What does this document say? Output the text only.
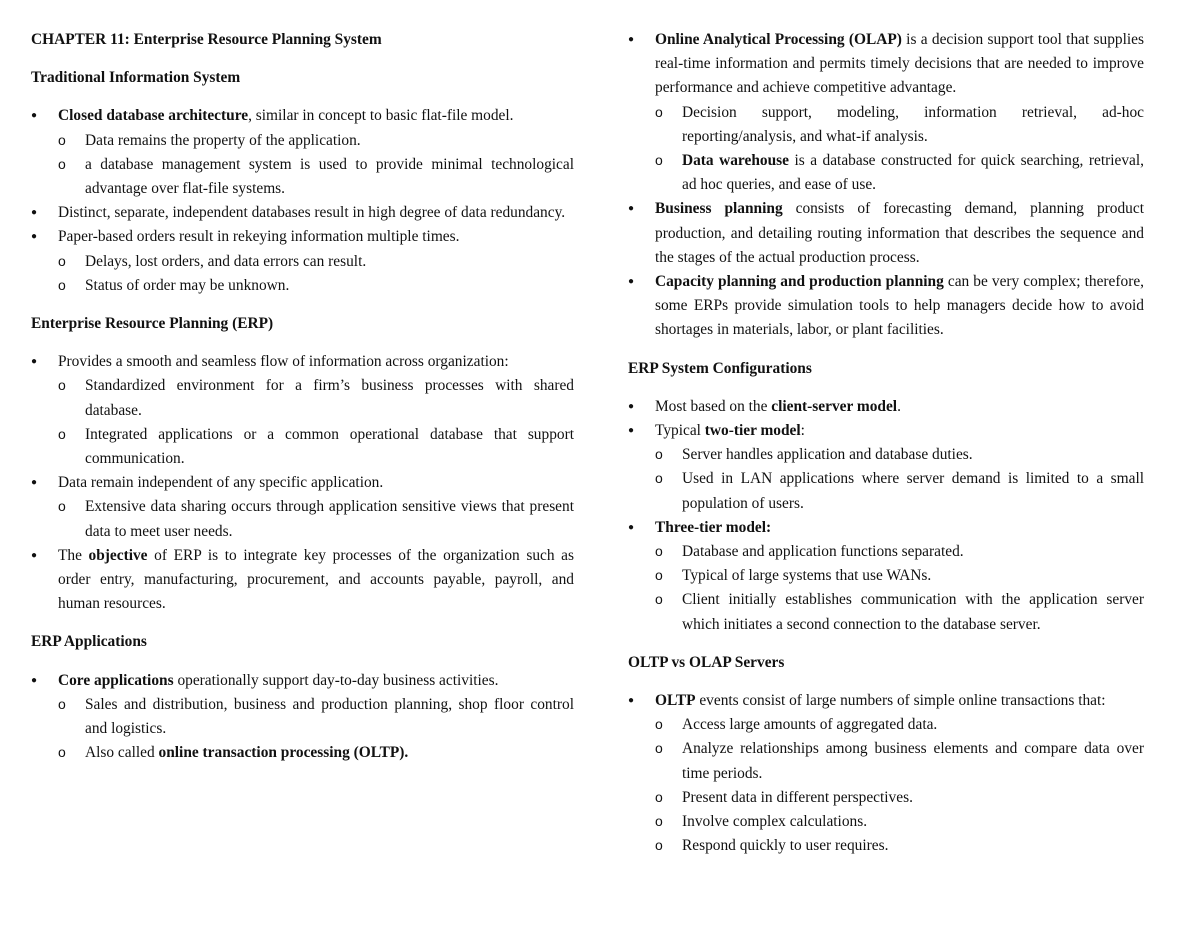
CHAPTER 11: Enterprise Resource Planning System
Traditional Information System
● Closed database architecture, similar in concept to basic flat-file model.
o Data remains the property of the application.
o a database management system is used to provide minimal technological advantage over flat-file systems.
● Distinct, separate, independent databases result in high degree of data redundancy.
● Paper-based orders result in rekeying information multiple times.
o Delays, lost orders, and data errors can result.
o Status of order may be unknown.
Enterprise Resource Planning (ERP)
● Provides a smooth and seamless flow of information across organization:
o Standardized environment for a firm’s business processes with shared database.
o Integrated applications or a common operational database that support communication.
● Data remain independent of any specific application.
o Extensive data sharing occurs through application sensitive views that present data to meet user needs.
● The objective of ERP is to integrate key processes of the organization such as order entry, manufacturing, procurement, and accounts payable, payroll, and human resources.
ERP Applications
● Core applications operationally support day-to-day business activities.
o Sales and distribution, business and production planning, shop floor control and logistics.
o Also called online transaction processing (OLTP).
● Online Analytical Processing (OLAP) is a decision support tool that supplies real-time information and permits timely decisions that are needed to improve performance and achieve competitive advantage.
o Decision support, modeling, information retrieval, ad-hoc reporting/analysis, and what-if analysis.
o Data warehouse is a database constructed for quick searching, retrieval, ad hoc queries, and ease of use.
● Business planning consists of forecasting demand, planning product production, and detailing routing information that describes the sequence and the stages of the actual production process.
● Capacity planning and production planning can be very complex; therefore, some ERPs provide simulation tools to help managers decide how to avoid shortages in materials, labor, or plant facilities.
ERP System Configurations
● Most based on the client-server model.
● Typical two-tier model:
o Server handles application and database duties.
o Used in LAN applications where server demand is limited to a small population of users.
● Three-tier model:
o Database and application functions separated.
o Typical of large systems that use WANs.
o Client initially establishes communication with the application server which initiates a second connection to the database server.
OLTP vs OLAP Servers
● OLTP events consist of large numbers of simple online transactions that:
o Access large amounts of aggregated data.
o Analyze relationships among business elements and compare data over time periods.
o Present data in different perspectives.
o Involve complex calculations.
o Respond quickly to user requires.
